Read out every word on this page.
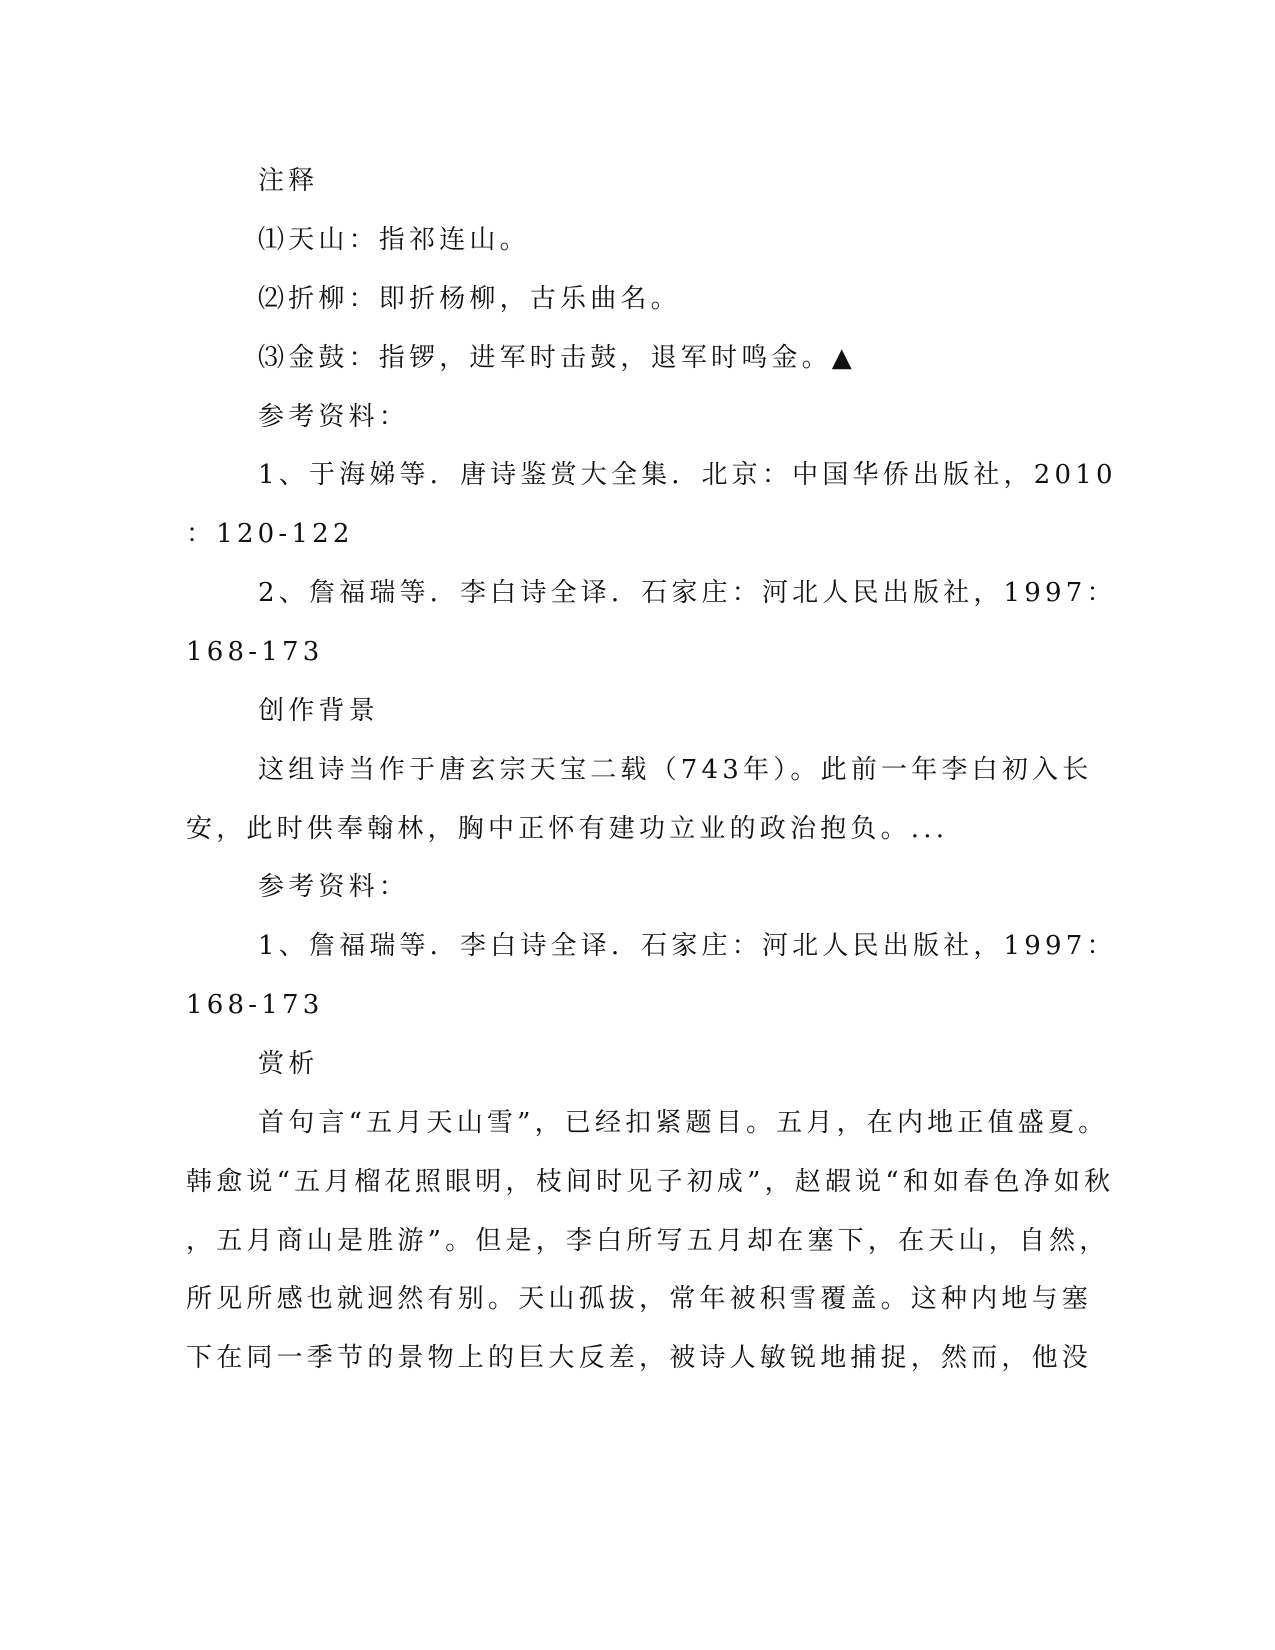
注释
⑴天山：指祁连山。
⑵折柳：即折杨柳，古乐曲名。
⑶金鼓：指锣，进军时击鼓，退军时鸣金。▲
参考资料：
1、于海娣等．唐诗鉴赏大全集．北京：中国华侨出版社，2010
：120-122
2、詹福瑞等．李白诗全译．石家庄：河北人民出版社，1997：
168-173
创作背景
这组诗当作于唐玄宗天宝二载（743年）。此前一年李白初入长
安，此时供奉翰林，胸中正怀有建功立业的政治抱负。...
参考资料：
1、詹福瑞等．李白诗全译．石家庄：河北人民出版社，1997：
168-173
赏析
首句言“五月天山雪”，已经扣紧题目。五月，在内地正值盛夏。
韩愈说“五月榴花照眼明，枝间时见子初成”，赵嘏说“和如春色净如秋
，五月商山是胜游”。但是，李白所写五月却在塞下，在天山，自然，
所见所感也就迥然有别。天山孤拔，常年被积雪覆盖。这种内地与塞
下在同一季节的景物上的巨大反差，被诗人敏锐地捕捉，然而，他没
